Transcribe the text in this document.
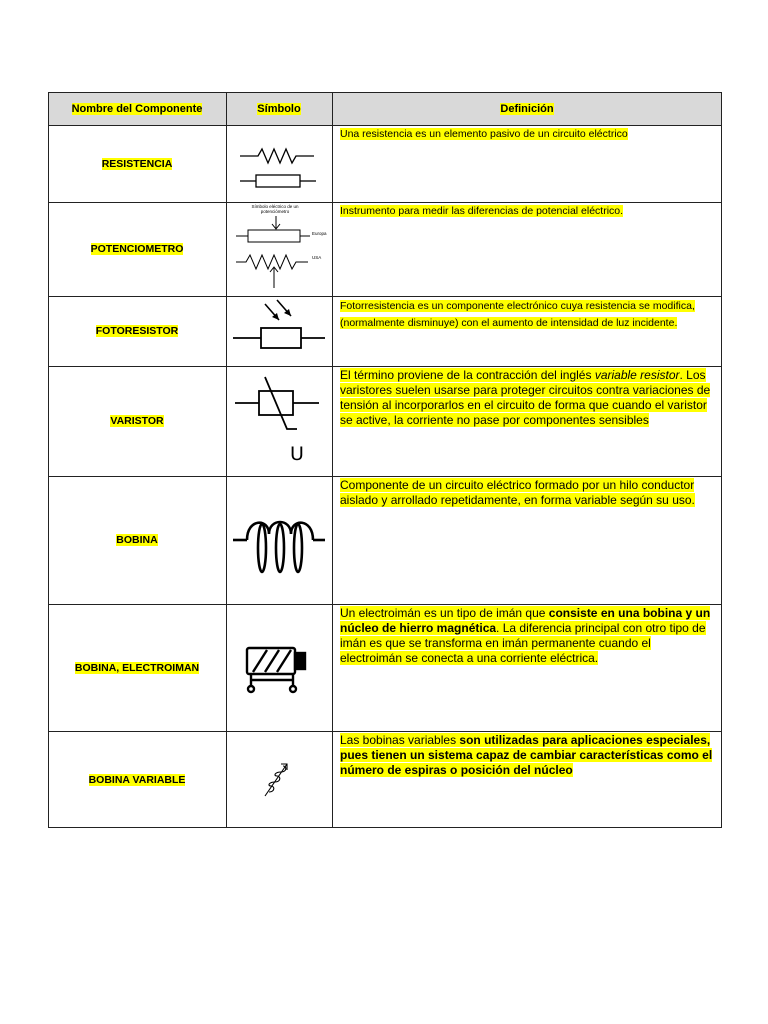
Nombre del Componente	Símbolo	Definición
RESISTENCIA
Una resistencia es un elemento pasivo de un circuito eléctrico
POTENCIOMETRO
Símbolo eléctrico de un potenciómetro
Europa
USA
Instrumento para medir las diferencias de potencial eléctrico.
FOTORESISTOR
Fotorresistencia es un componente electrónico cuya resistencia se modifica, (normalmente disminuye) con el aumento de intensidad de luz incidente.
VARISTOR
U
El término proviene de la contracción del inglés variable resistor. Los varistores suelen usarse para proteger circuitos contra variaciones de tensión al incorporarlos en el circuito de forma que cuando el varistor se active, la corriente no pase por componentes sensibles
BOBINA
Componente de un circuito eléctrico formado por un hilo conductor aislado y arrollado repetidamente, en forma variable según su uso.
BOBINA, ELECTROIMAN
Un electroimán es un tipo de imán que consiste en una bobina y un núcleo de hierro magnética. La diferencia principal con otro tipo de imán es que se transforma en imán permanente cuando el electroimán se conecta a una corriente eléctrica.
BOBINA VARIABLE
Las bobinas variables son utilizadas para aplicaciones especiales, pues tienen un sistema capaz de cambiar características como el número de espiras o posición del núcleo
